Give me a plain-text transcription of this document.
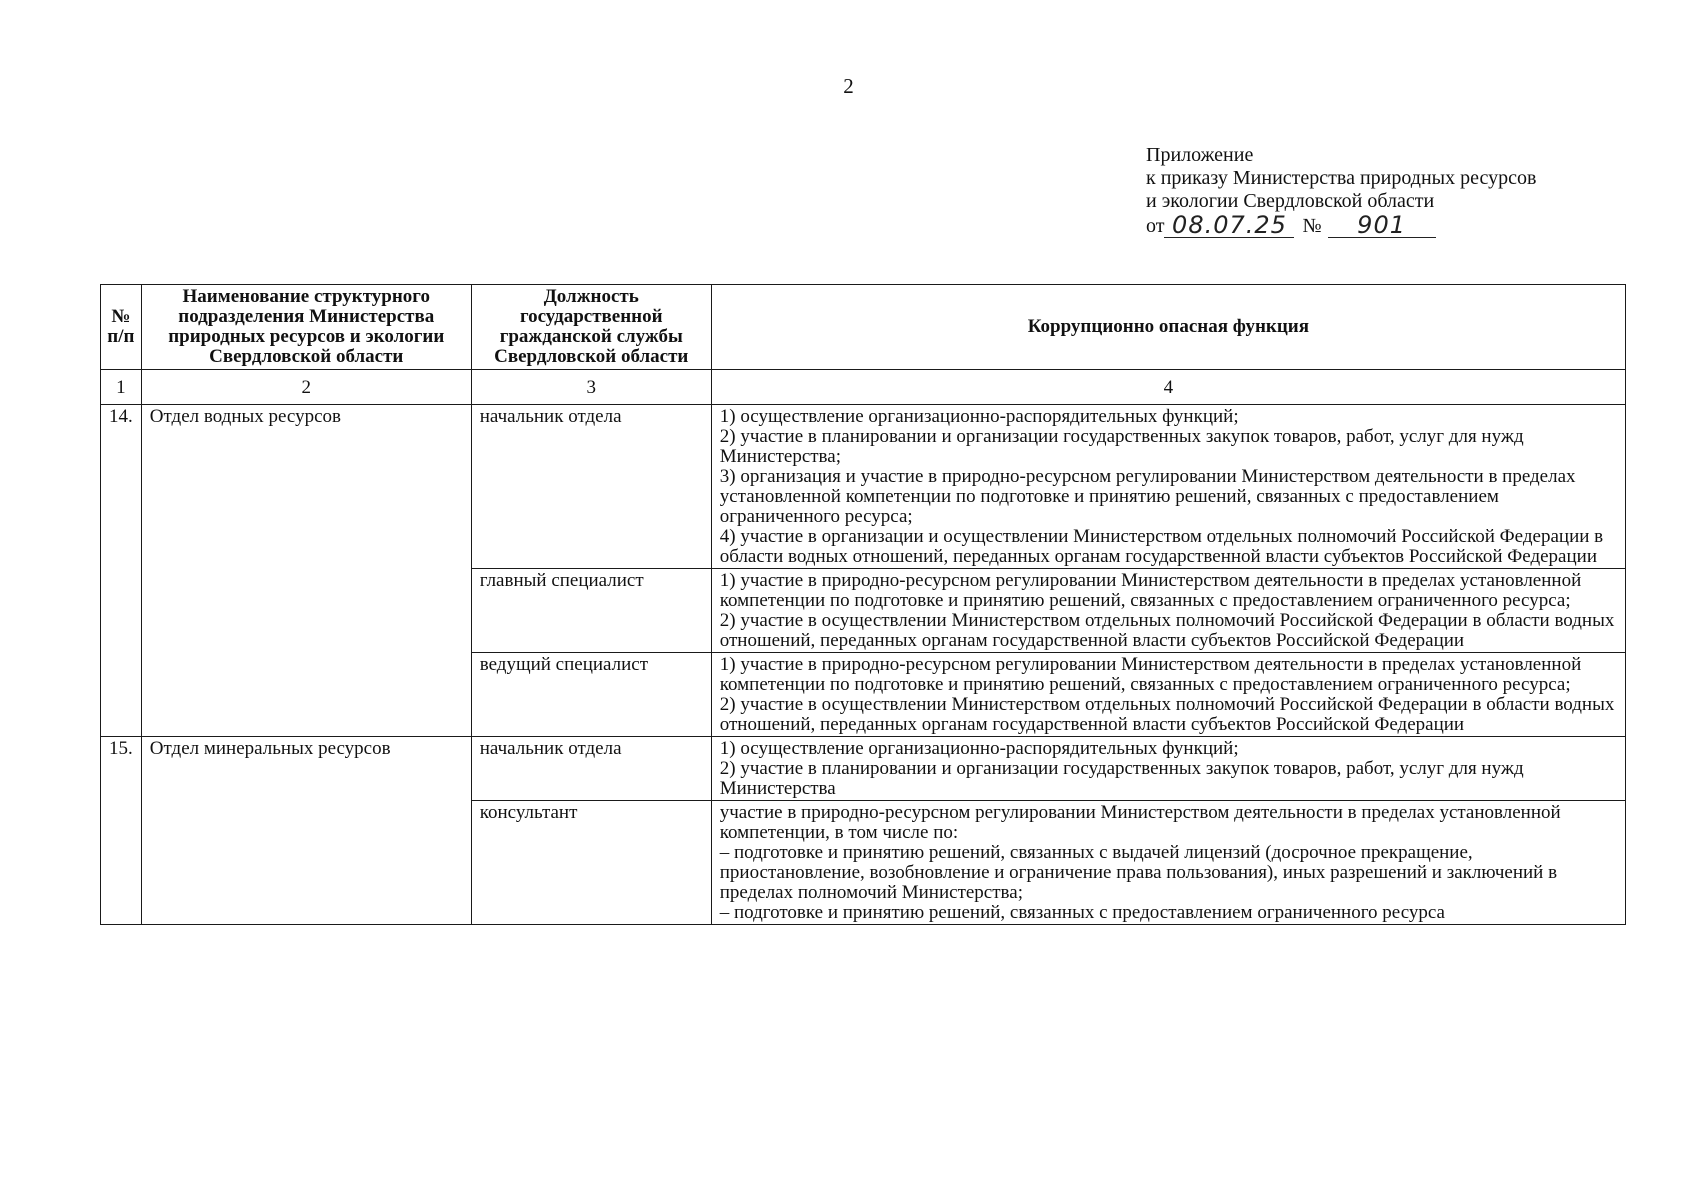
2
Приложение
к приказу Министерства природных ресурсов
и экологии Свердловской области
от 08.07.25 №	901
№ п/п	Наименование структурного подразделения Министерства природных ресурсов и экологии Свердловской области	Должность государственной гражданской службы Свердловской области	Коррупционно опасная функция
1	2	3	4
14.	Отдел водных ресурсов	начальник отдела	1) осуществление организационно-распорядительных функций;
2) участие в планировании и организации государственных закупок товаров, работ, услуг для нужд Министерства;
3) организация и участие в природно-ресурсном регулировании Министерством деятельности в пределах установленной компетенции по подготовке и принятию решений, связанных с предоставлением ограниченного ресурса;
4) участие в организации и осуществлении Министерством отдельных полномочий Российской Федерации в области водных отношений, переданных органам государственной власти субъектов Российской Федерации

		главный специалист	1) участие в природно-ресурсном регулировании Министерством деятельности в пределах установленной компетенции по подготовке и принятию решений, связанных с предоставлением ограниченного ресурса;
2) участие в осуществлении Министерством отдельных полномочий Российской Федерации в области водных отношений, переданных органам государственной власти субъектов Российской Федерации

		ведущий специалист	1) участие в природно-ресурсном регулировании Министерством деятельности в пределах установленной компетенции по подготовке и принятию решений, связанных с предоставлением ограниченного ресурса;
2) участие в осуществлении Министерством отдельных полномочий Российской Федерации в области водных отношений, переданных органам государственной власти субъектов Российской Федерации

15.	Отдел минеральных ресурсов	начальник отдела	1) осуществление организационно-распорядительных функций;
2) участие в планировании и организации государственных закупок товаров, работ, услуг для нужд Министерства

		консультант	участие в природно-ресурсном регулировании Министерством деятельности в пределах установленной компетенции, в том числе по:
– подготовке и принятию решений, связанных с выдачей лицензий (досрочное прекращение, приостановление, возобновление и ограничение права пользования), иных разрешений и заключений в пределах полномочий Министерства;
– подготовке и принятию решений, связанных с предоставлением ограниченного ресурса
